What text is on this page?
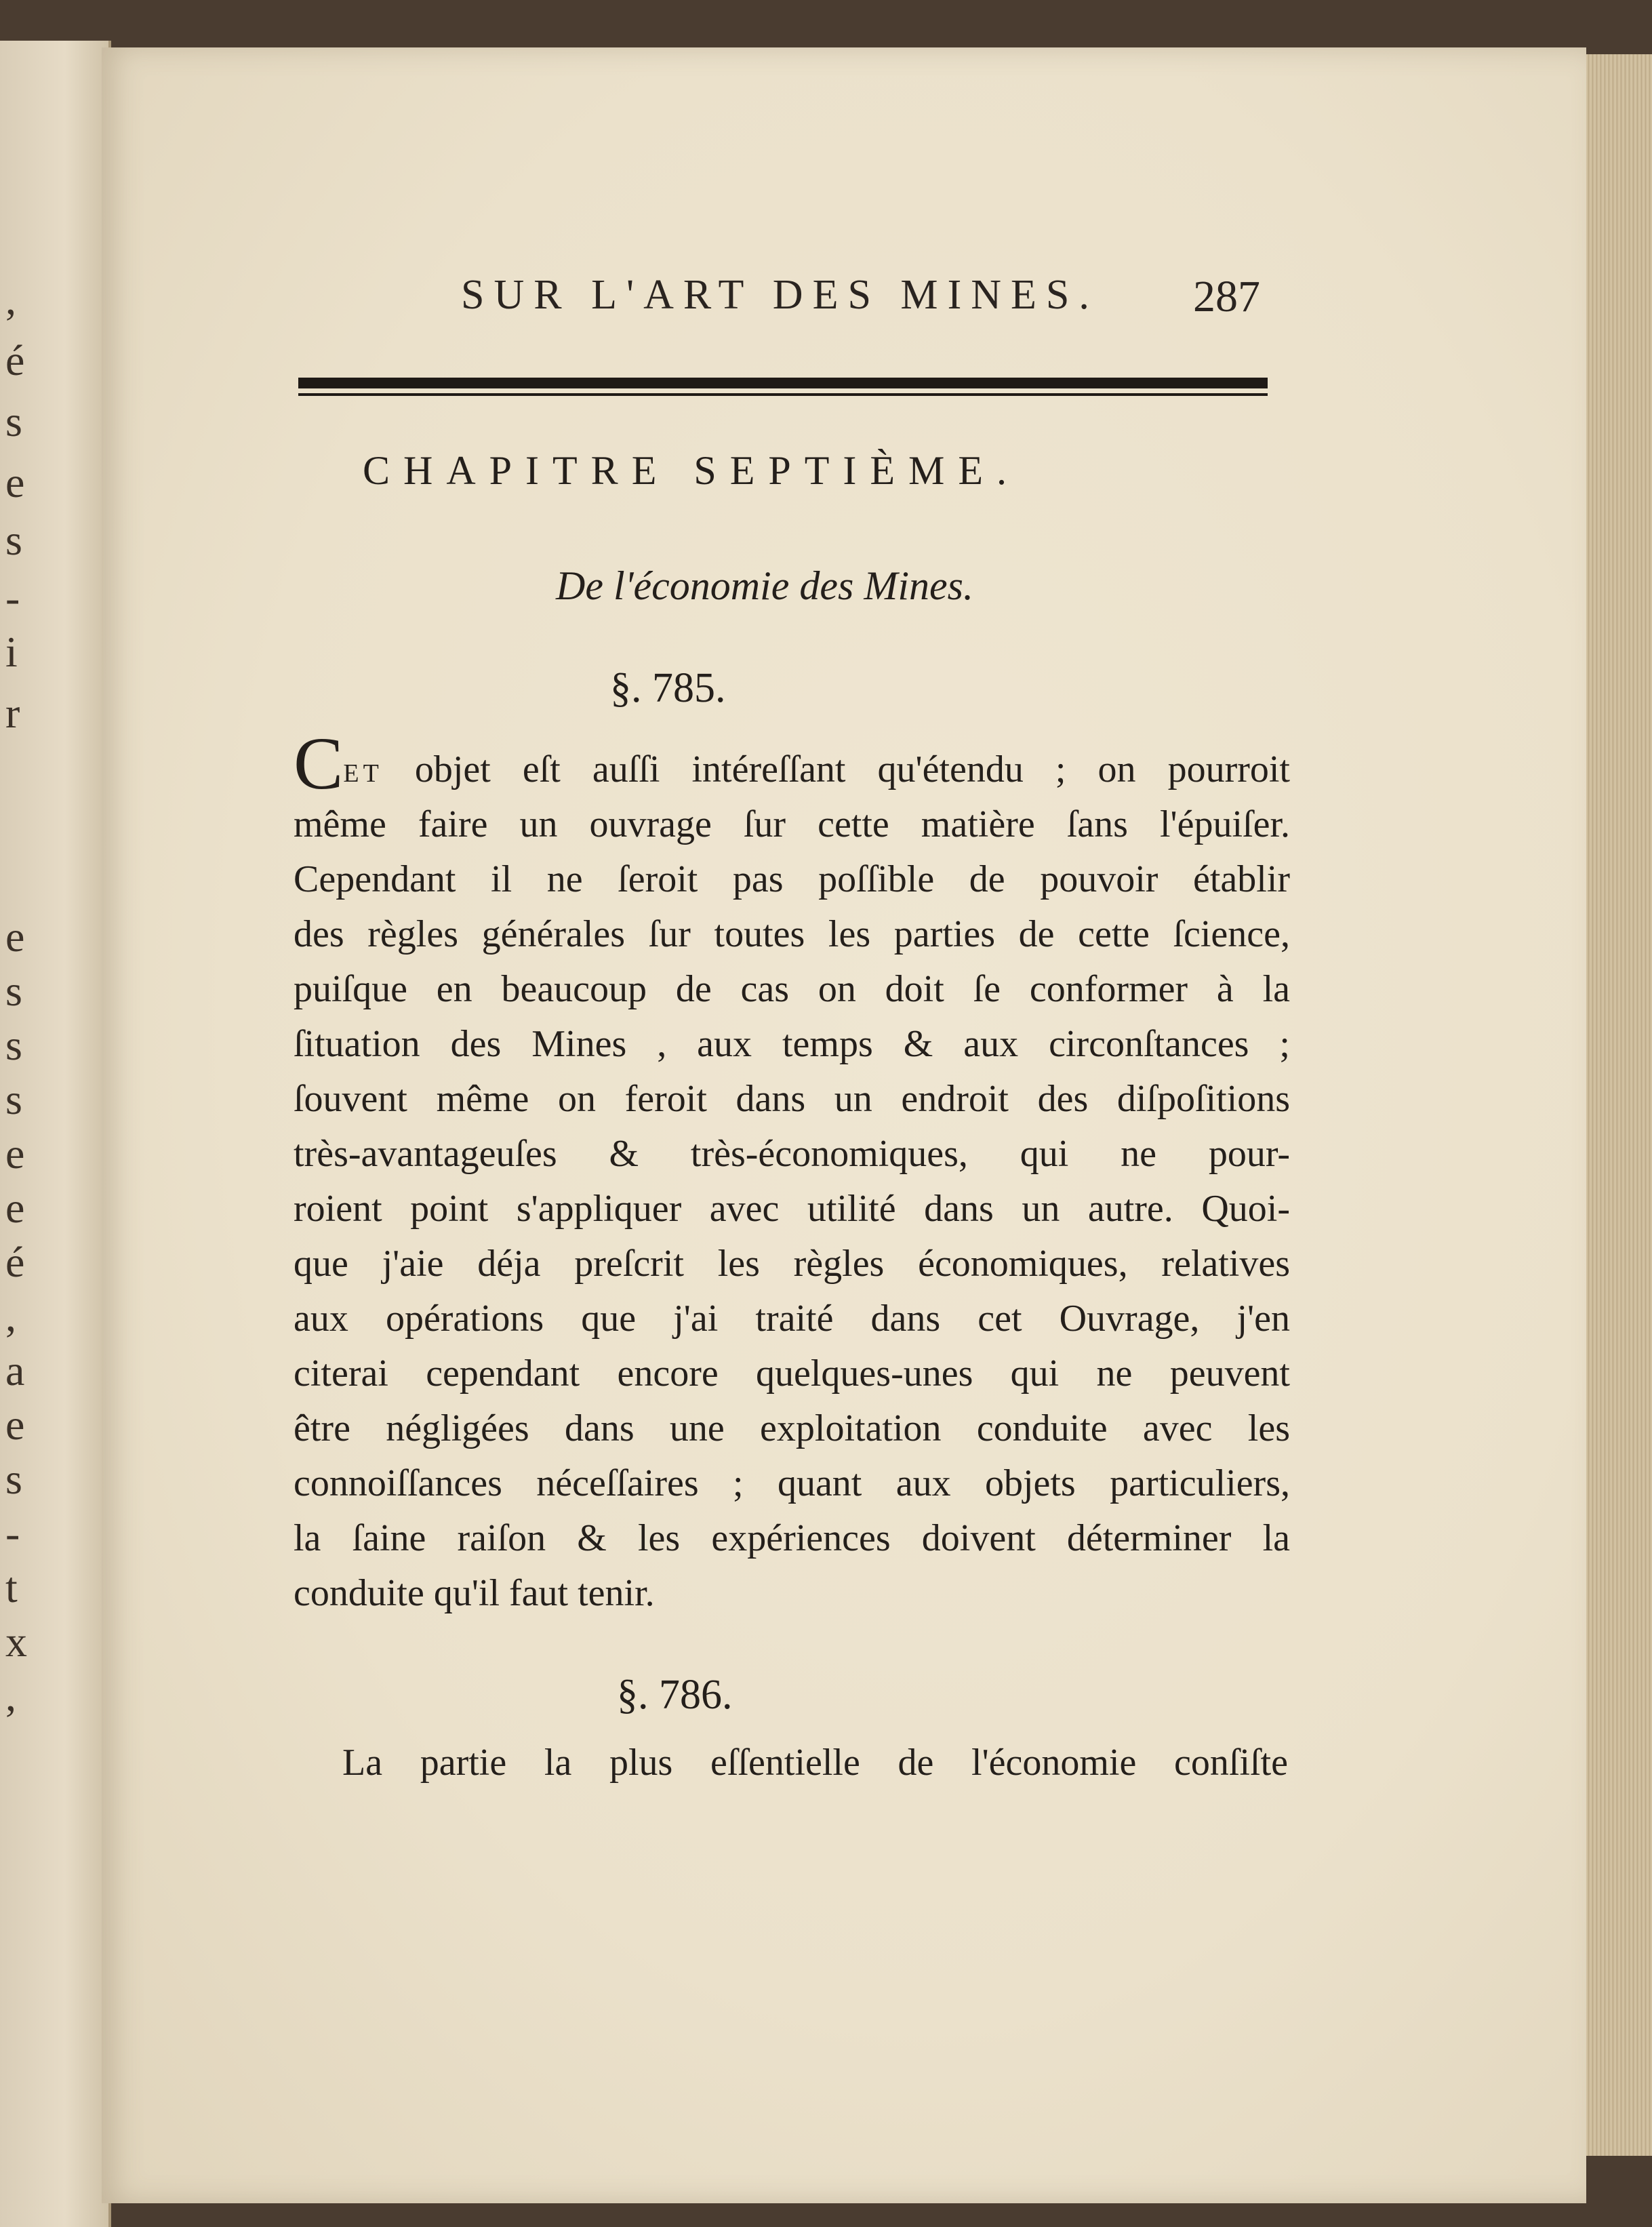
,
é
s
e
s
-
i
r
e
s
s
s
e
e
é
,
a
e
s
-
t
x
,
SUR L'ART DES MINES.	287
CHAPITRE SEPTIÈME.
De l'économie des Mines.
§. 785.
CET objet eſt auſſi intéreſſant qu'étendu ; on pourroit
même faire un ouvrage ſur cette matière ſans l'épuiſer.
Cependant il ne ſeroit pas poſſible de pouvoir établir
des règles générales ſur toutes les parties de cette ſcience,
puiſque en beaucoup de cas on doit ſe conformer à la
ſituation des Mines , aux temps & aux circonſtances ;
ſouvent même on feroit dans un endroit des diſpoſitions
très-avantageuſes & très-économiques, qui ne pour-
roient point s'appliquer avec utilité dans un autre. Quoi-
que j'aie déja preſcrit les règles économiques, relatives
aux opérations que j'ai traité dans cet Ouvrage, j'en
citerai cependant encore quelques-unes qui ne peuvent
être négligées dans une exploitation conduite avec les
connoiſſances néceſſaires ; quant aux objets particuliers,
la ſaine raiſon & les expériences doivent déterminer la
conduite qu'il faut tenir.
§. 786.
La partie la plus eſſentielle de l'économie conſiſte
